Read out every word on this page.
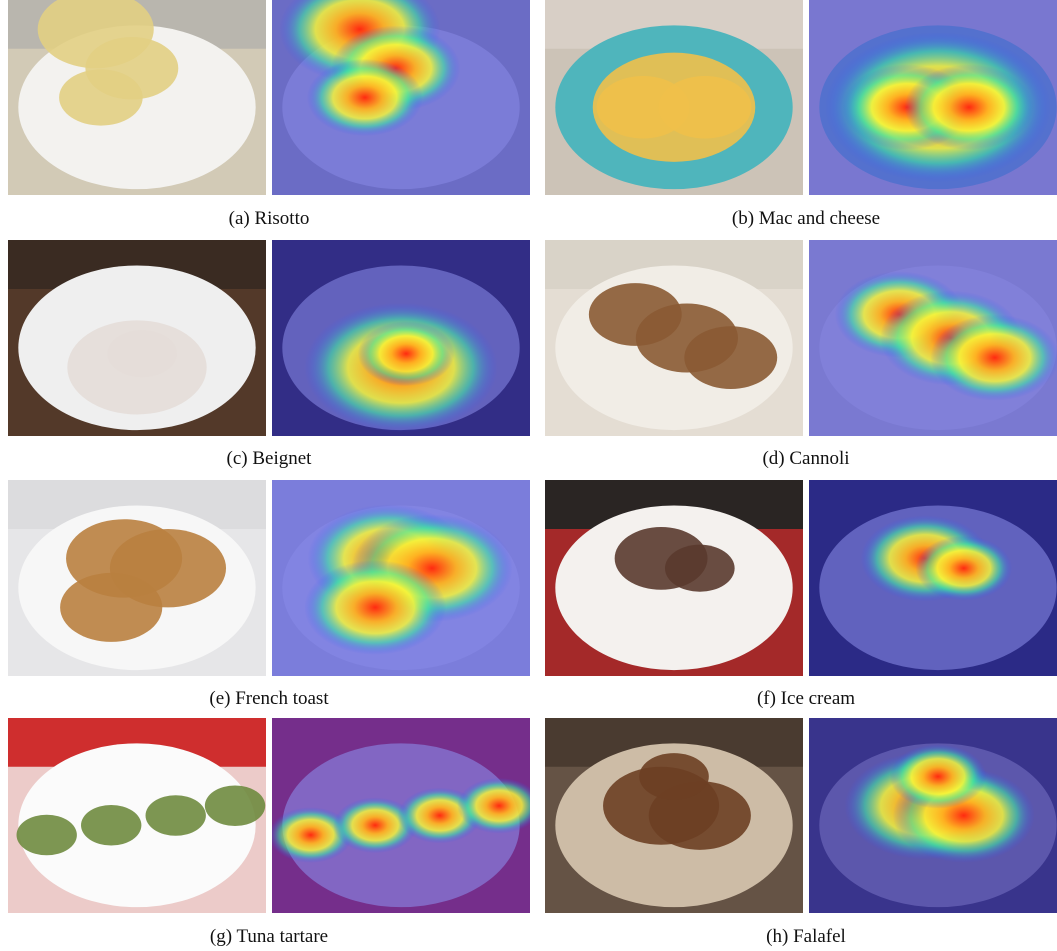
(a) Risotto	(b) Mac and cheese
(c) Beignet	(d) Cannoli
(e) French toast	(f) Ice cream
(g) Tuna tartare	(h) Falafel
